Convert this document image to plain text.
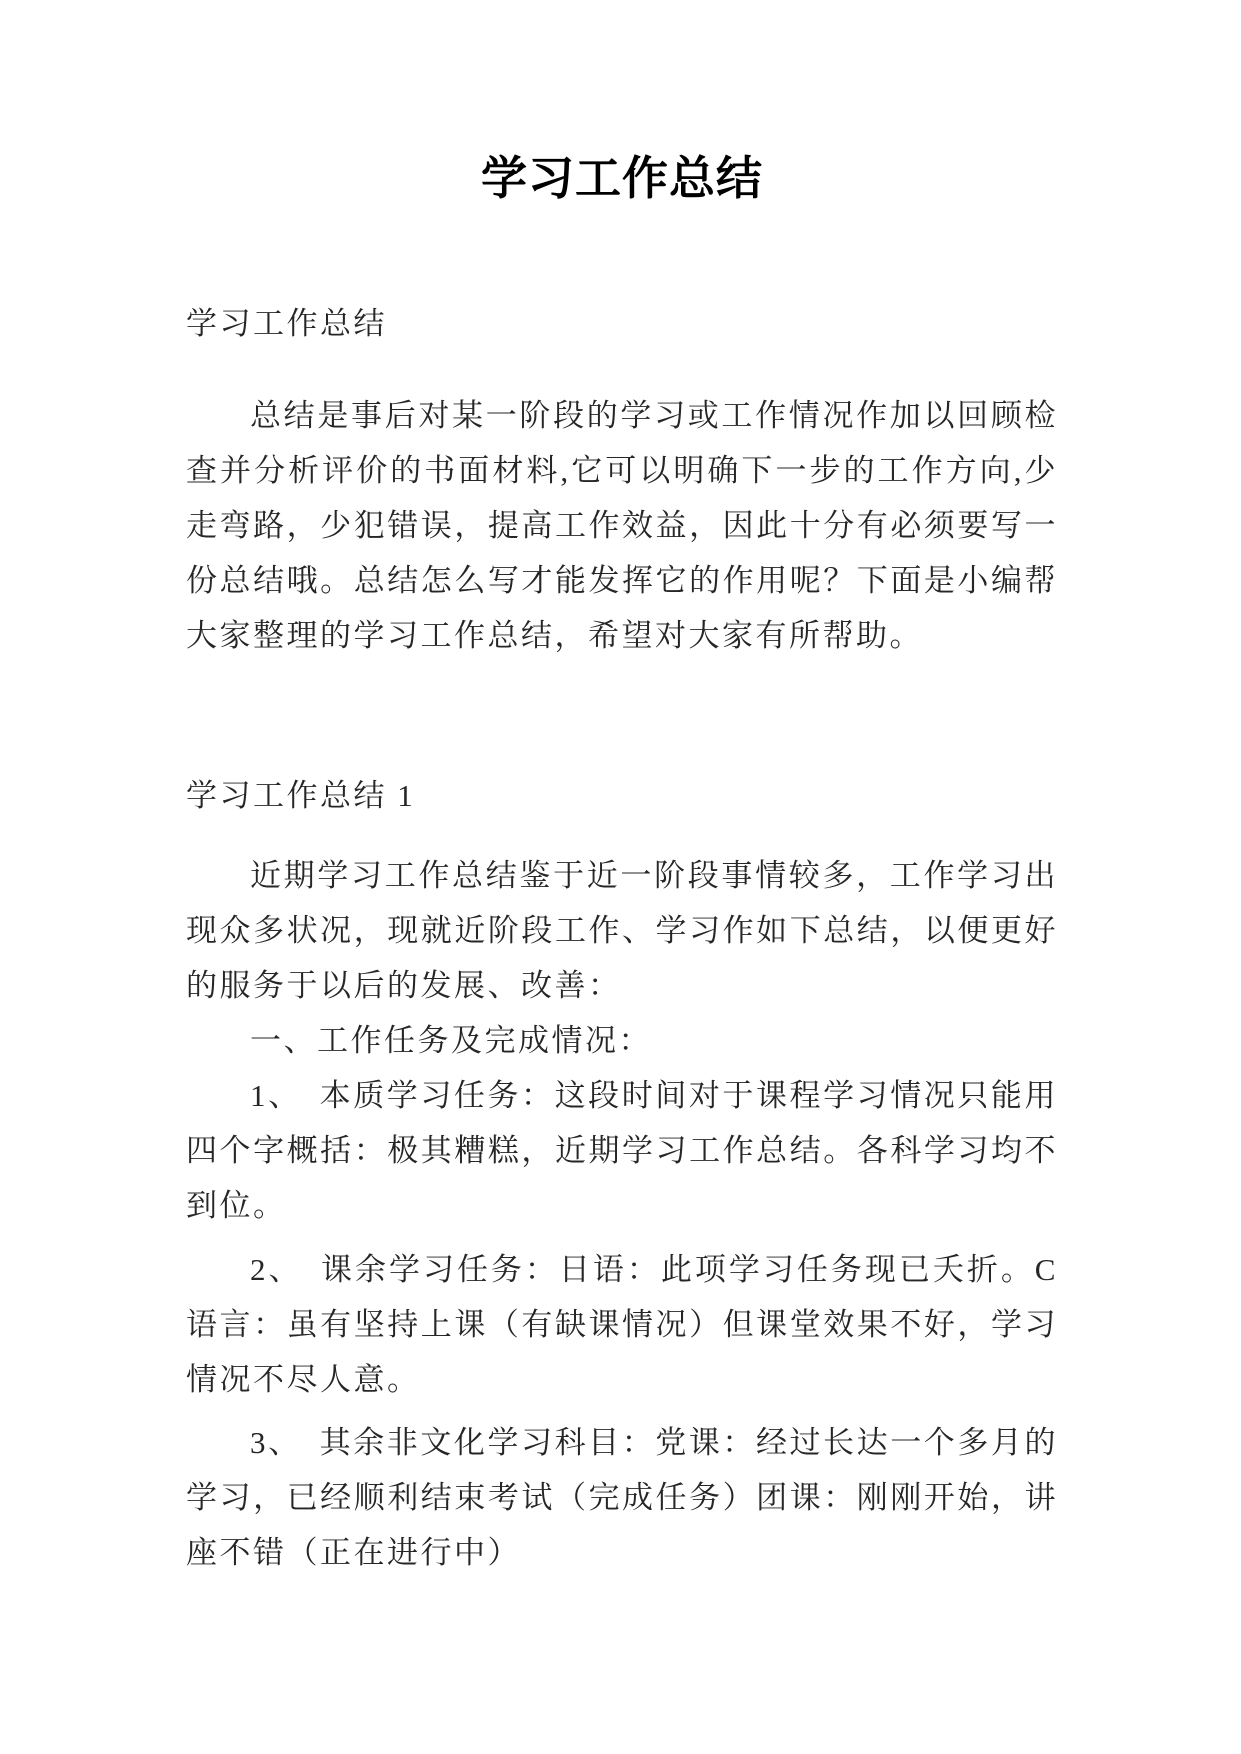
学习工作总结

学习工作总结

总结是事后对某一阶段的学习或工作情况作加以回顾检查并分析评价的书面材料,它可以明确下一步的工作方向,少走弯路，少犯错误，提高工作效益，因此十分有必须要写一份总结哦。总结怎么写才能发挥它的作用呢？下面是小编帮大家整理的学习工作总结，希望对大家有所帮助。

学习工作总结 1

近期学习工作总结鉴于近一阶段事情较多，工作学习出现众多状况，现就近阶段工作、学习作如下总结，以便更好的服务于以后的发展、改善：

一、工作任务及完成情况：

1、　本质学习任务：这段时间对于课程学习情况只能用四个字概括：极其糟糕，近期学习工作总结。各科学习均不到位。

2、　课余学习任务：日语：此项学习任务现已夭折。C语言：虽有坚持上课（有缺课情况）但课堂效果不好，学习情况不尽人意。

3、　其余非文化学习科目：党课：经过长达一个多月的学习，已经顺利结束考试（完成任务）团课：刚刚开始，讲座不错（正在进行中）
